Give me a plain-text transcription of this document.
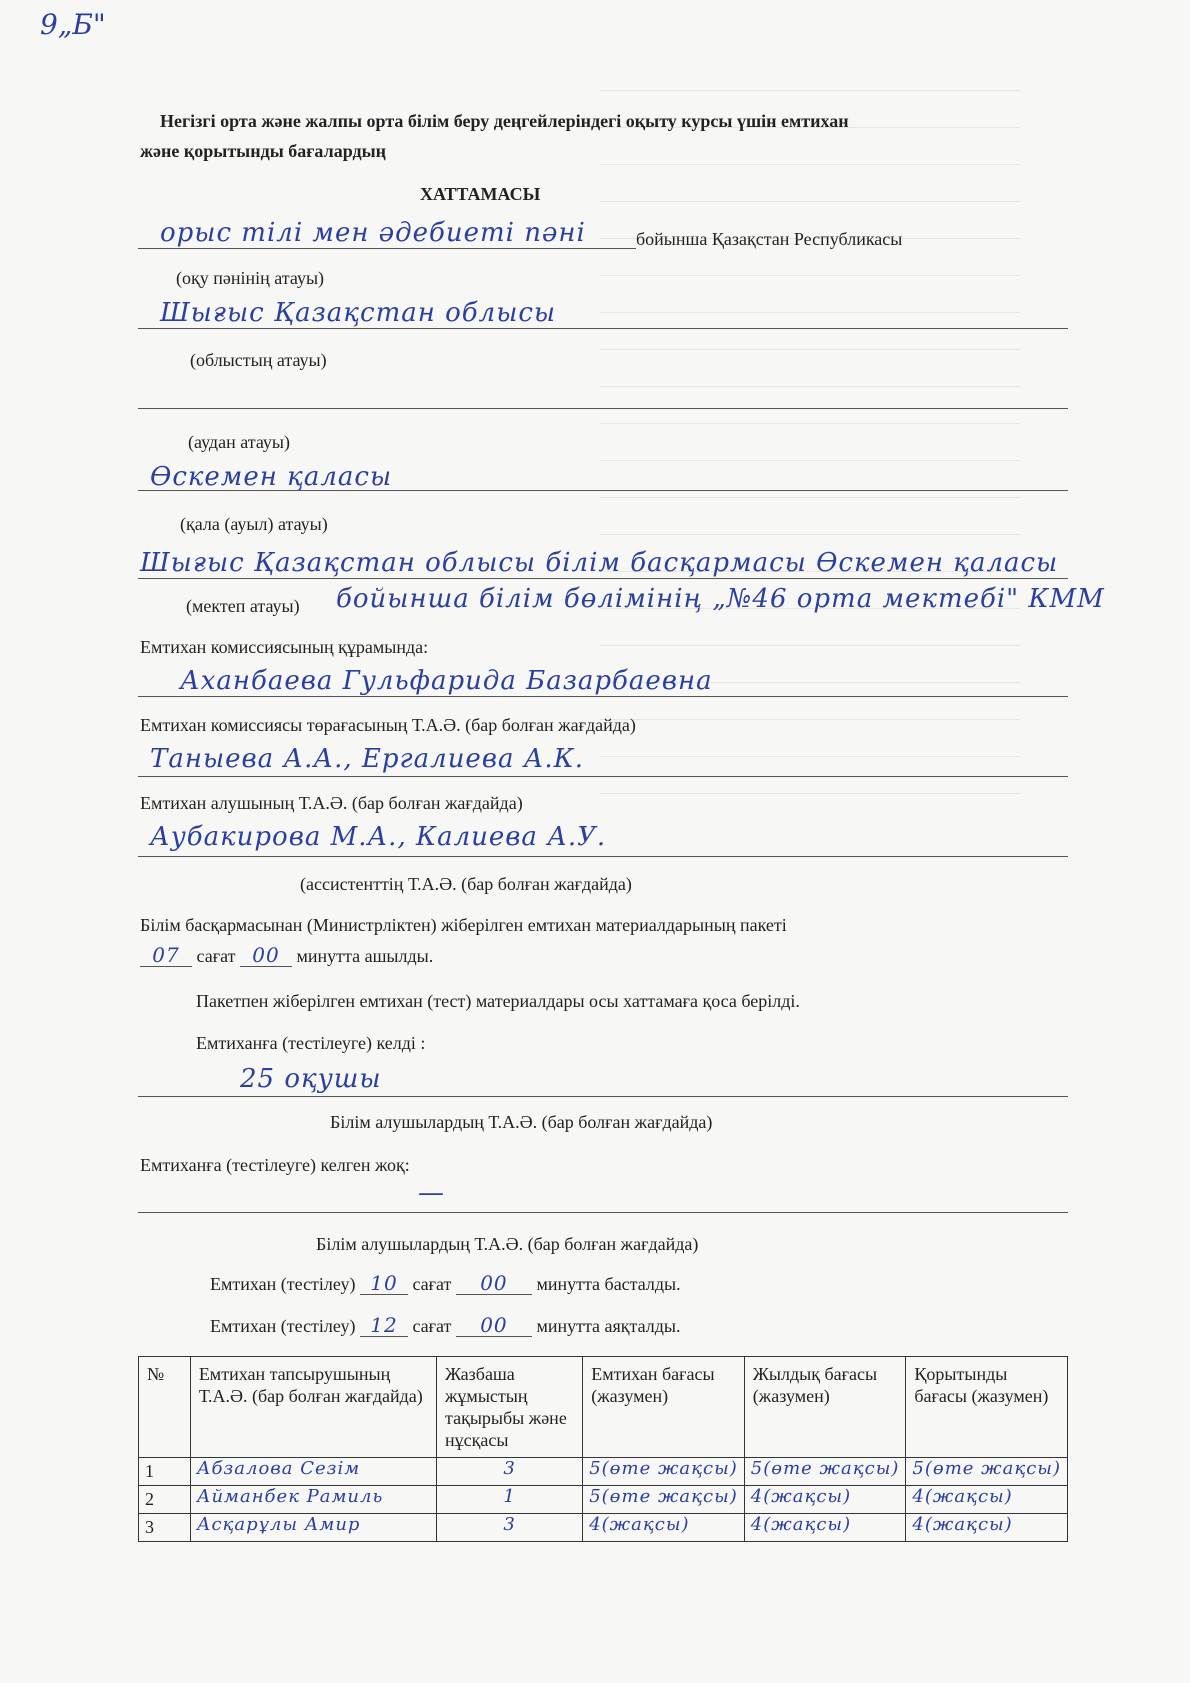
9„Б"
Негізгі орта және жалпы орта білім беру деңгейлеріндегі оқыту курсы үшін емтихан
және қорытынды бағалардың
ХАТТАМАСЫ
орыс тілі мен әдебиеті пәні	бойынша Қазақстан Республикасы
(оқу пәнінің атауы)
Шығыс Қазақстан облысы
(облыстың атауы)
(аудан атауы)
Өскемен қаласы
(қала (ауыл) атауы)
Шығыс Қазақстан облысы білім басқармасы Өскемен қаласы
(мектеп атауы) бойынша білім бөлімінің „№46 орта мектебі" КММ
Емтихан комиссиясының құрамында:
Аханбаева Гульфарида Базарбаевна
Емтихан комиссиясы төрағасының Т.А.Ә. (бар болған жағдайда)
Таныева А.А., Ергалиева А.К.
Емтихан алушының Т.А.Ә. (бар болған жағдайда)
Аубакирова М.А., Калиева А.У.
(ассистенттің Т.А.Ә. (бар болған жағдайда)
Білім басқармасынан (Министрліктен) жіберілген емтихан материалдарының пакеті
07 сағат 00 минутта ашылды.
Пакетпен жіберілген емтихан (тест) материалдары осы хаттамаға қоса берілді.
Емтиханға (тестілеуге) келді :
25 оқушы
Білім алушылардың Т.А.Ә. (бар болған жағдайда)
Емтиханға (тестілеуге) келген жоқ:
—
Білім алушылардың Т.А.Ә. (бар болған жағдайда)
Емтихан (тестілеу) 10 сағат 00 минутта басталды.
Емтихан (тестілеу) 12 сағат 00 минутта аяқталды.
№	Емтихан тапсырушының Т.А.Ә. (бар болған жағдайда)	Жазбаша жұмыстың тақырыбы және нұсқасы	Емтихан бағасы (жазумен)	Жылдық бағасы (жазумен)	Қорытынды бағасы (жазумен)
1	Абзалова Сезім	3	5(өте жақсы)	5(өте жақсы)	5(өте жақсы)
2	Айманбек Рамиль	1	5(өте жақсы)	4(жақсы)	4(жақсы)
3	Асқарұлы Амир	3	4(жақсы)	4(жақсы)	4(жақсы)
